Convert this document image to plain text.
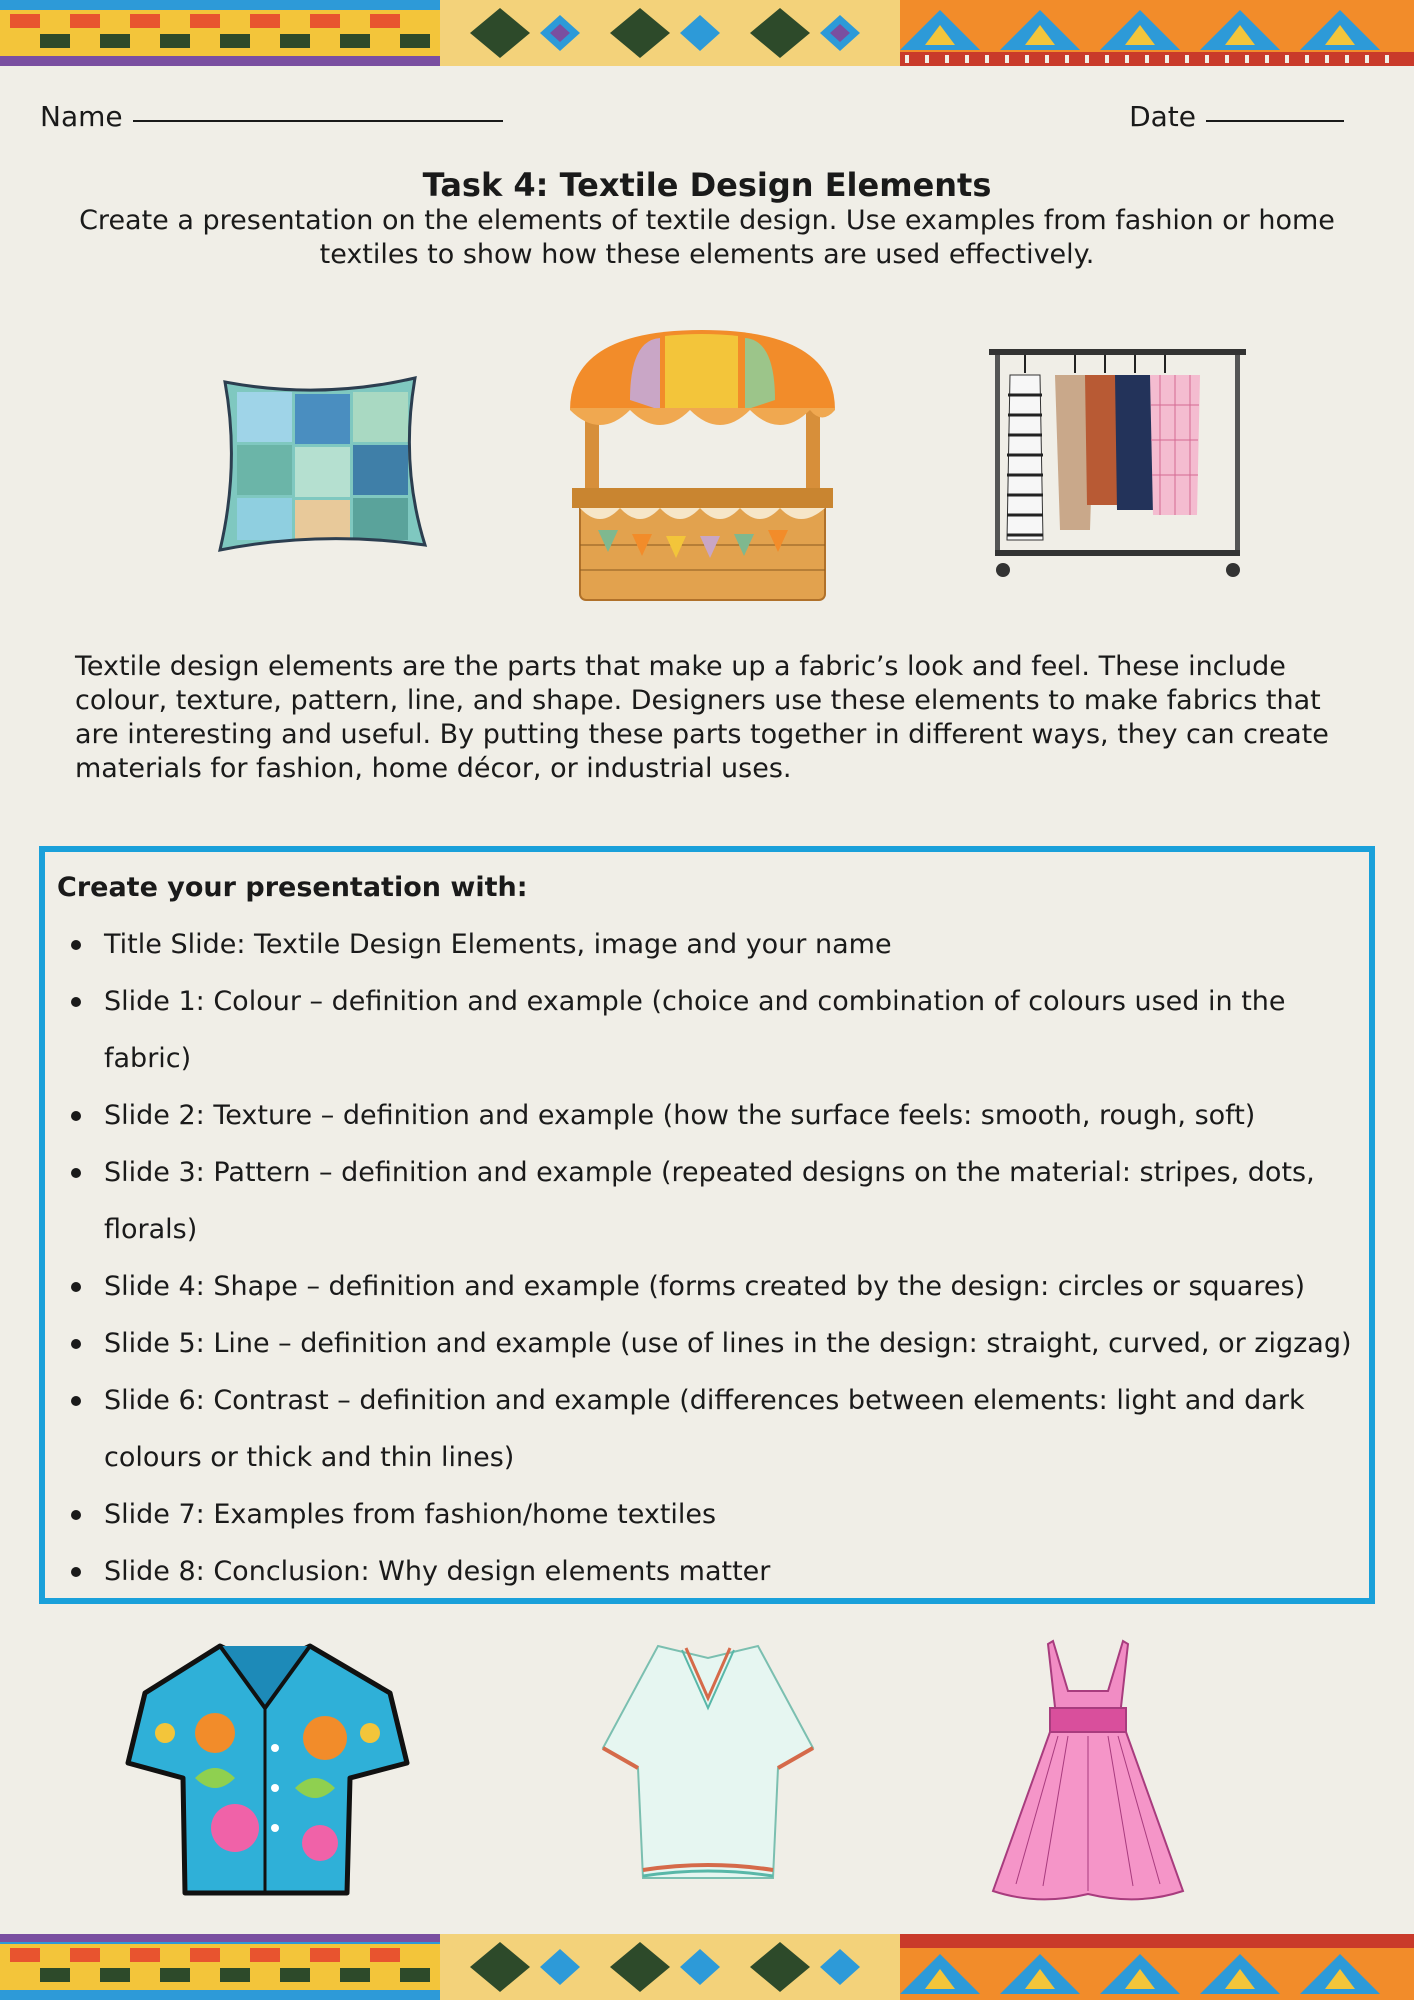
Name	Date
Task 4: Textile Design Elements
Create a presentation on the elements of textile design. Use examples from fashion or home textiles to show how these elements are used effectively.
Textile design elements are the parts that make up a fabric’s look and feel. These include colour, texture, pattern, line, and shape. Designers use these elements to make fabrics that are interesting and useful. By putting these parts together in different ways, they can create materials for fashion, home décor, or industrial uses.
Create your presentation with:
Title Slide: Textile Design Elements, image and your name
Slide 1: Colour – definition and example (choice and combination of colours used in the fabric)
Slide 2: Texture – definition and example (how the surface feels: smooth, rough, soft)
Slide 3: Pattern – definition and example (repeated designs on the material: stripes, dots, florals)
Slide 4: Shape – definition and example (forms created by the design: circles or squares)
Slide 5: Line – definition and example (use of lines in the design: straight, curved, or zigzag)
Slide 6: Contrast – definition and example (differences between elements: light and dark colours or thick and thin lines)
Slide 7: Examples from fashion/home textiles
Slide 8: Conclusion: Why design elements matter
